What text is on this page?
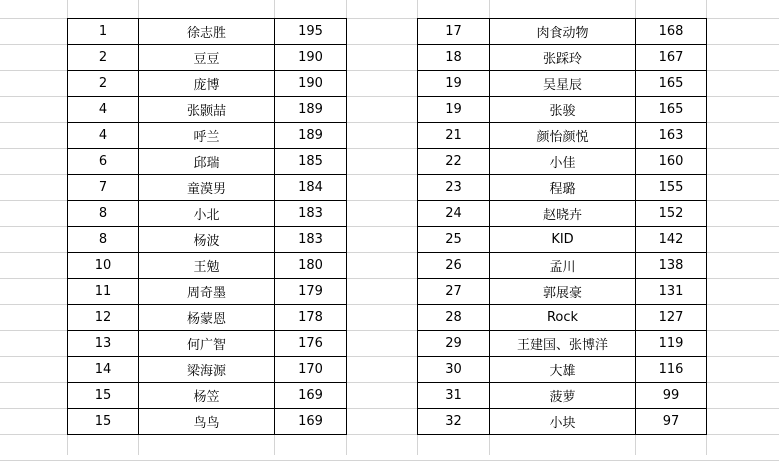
1	徐志胜	195
2	豆豆	190
2	庞博	190
4	张颢喆	189
4	呼兰	189
6	邱瑞	185
7	童漠男	184
8	小北	183
8	杨波	183
10	王勉	180
11	周奇墨	179
12	杨蒙恩	178
13	何广智	176
14	梁海源	170
15	杨笠	169
15	鸟鸟	169
17	肉食动物	168
18	张踩玲	167
19	吴星辰	165
19	张骏	165
21	颜怡颜悦	163
22	小佳	160
23	程璐	155
24	赵晓卉	152
25	KID	142
26	孟川	138
27	郭展豪	131
28	Rock	127
29	王建国、张博洋	119
30	大雄	116
31	菠萝	99
32	小块	97
